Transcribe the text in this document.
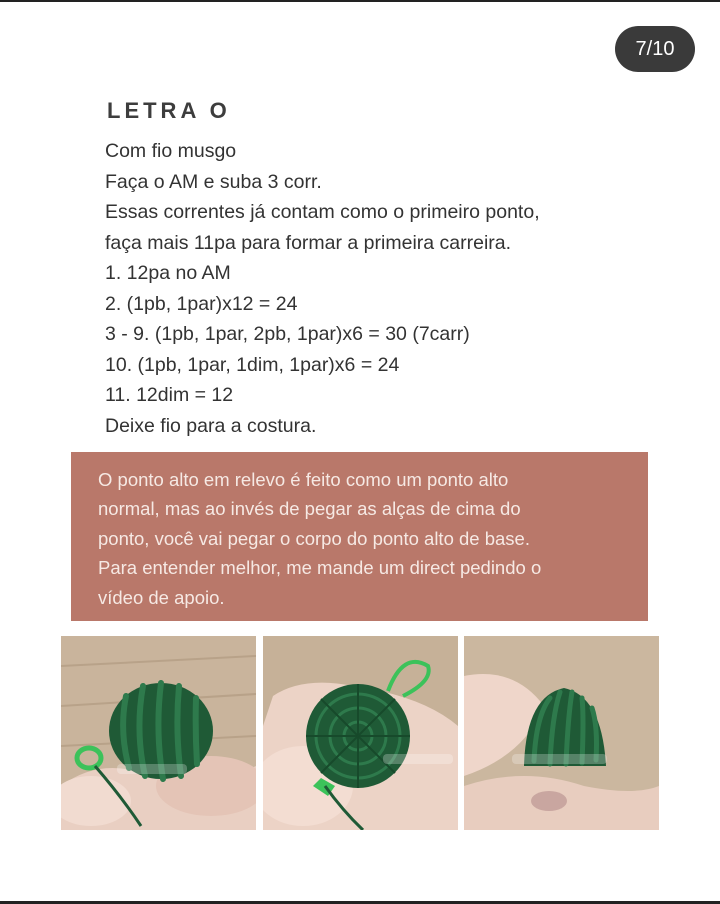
7/10
LETRA O
Com fio musgo
Faça o AM e suba 3 corr.
Essas correntes já contam como o primeiro ponto,
faça mais 11pa para formar a primeira carreira.
1. 12pa no AM
2. (1pb, 1par)x12 = 24
3 - 9. (1pb, 1par, 2pb, 1par)x6 = 30 (7carr)
10. (1pb, 1par, 1dim, 1par)x6 = 24
11. 12dim = 12
Deixe fio para a costura.
O ponto alto em relevo é feito como um ponto alto
normal, mas ao invés de pegar as alças de cima do
ponto, você vai pegar o corpo do ponto alto de base.
Para entender melhor, me mande um direct pedindo o
vídeo de apoio.
